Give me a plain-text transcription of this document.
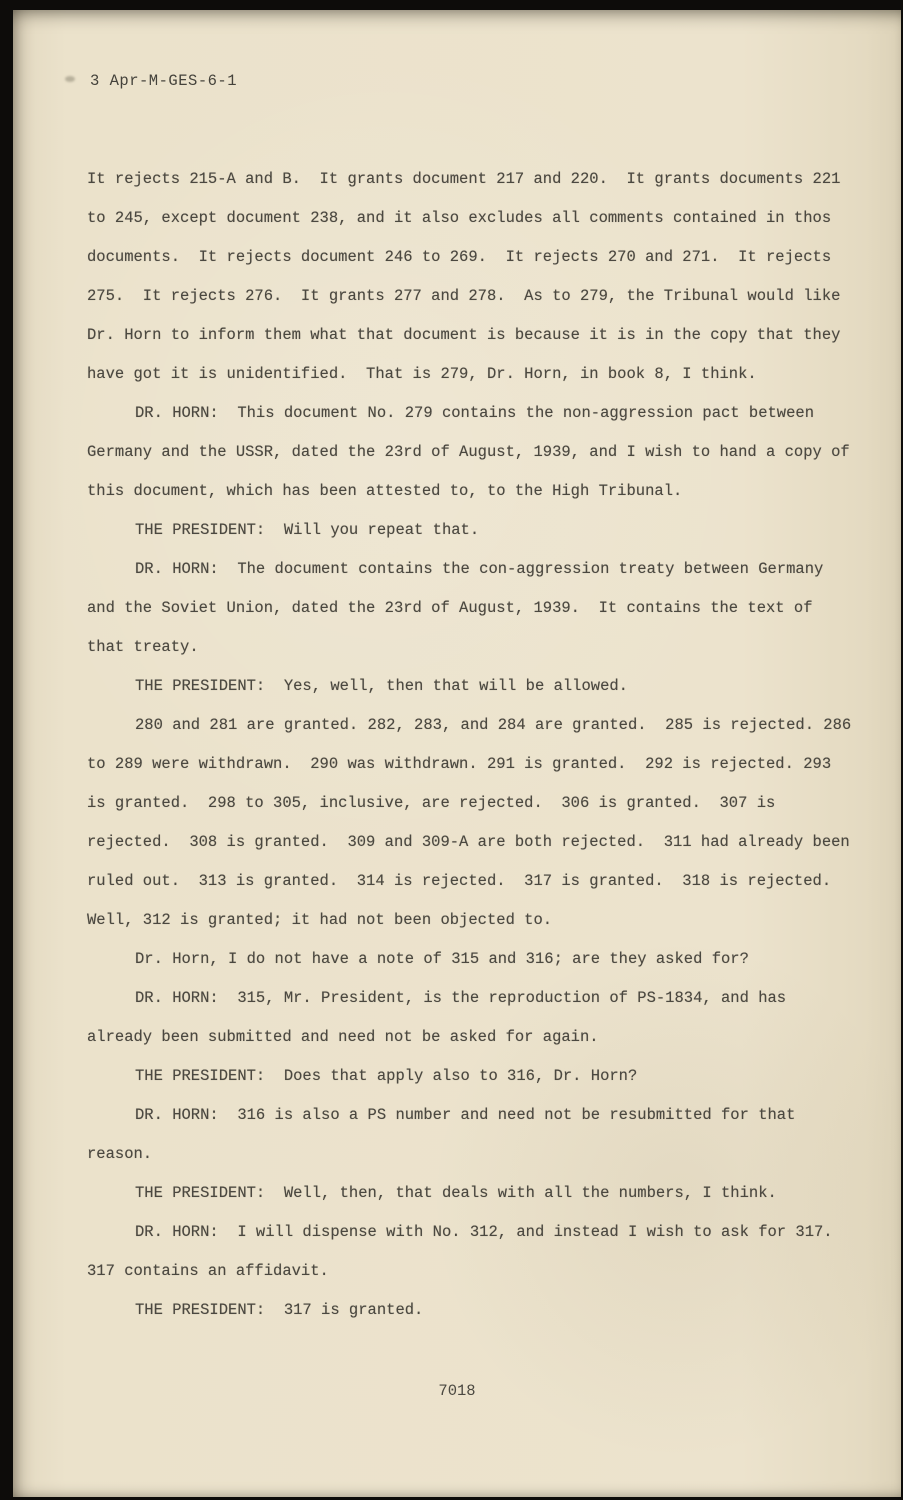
3 Apr-M-GES-6-1

It rejects 215-A and B.  It grants document 217 and 220.  It grants documents 221 to 245, except document 238, and it also excludes all comments contained in thos documents.  It rejects document 246 to 269.  It rejects 270 and 271.  It rejects 275.  It rejects 276.  It grants 277 and 278.  As to 279, the Tribunal would like Dr. Horn to inform them what that document is because it is in the copy that they have got it is unidentified.  That is 279, Dr. Horn, in book 8, I think.

DR. HORN:  This document No. 279 contains the non-aggression pact between Germany and the USSR, dated the 23rd of August, 1939, and I wish to hand a copy of this document, which has been attested to, to the High Tribunal.

THE PRESIDENT:  Will you repeat that.

DR. HORN:  The document contains the con-aggression treaty between Germany and the Soviet Union, dated the 23rd of August, 1939.  It contains the text of that treaty.

THE PRESIDENT:  Yes, well, then that will be allowed.

280 and 281 are granted. 282, 283, and 284 are granted.  285 is rejected. 286 to 289 were withdrawn.  290 was withdrawn. 291 is granted.  292 is rejected. 293 is granted.  298 to 305, inclusive, are rejected.  306 is granted.  307 is rejected.  308 is granted.  309 and 309-A are both rejected.  311 had already been ruled out.  313 is granted.  314 is rejected.  317 is granted.  318 is rejected.  Well, 312 is granted; it had not been objected to.

Dr. Horn, I do not have a note of 315 and 316; are they asked for?

DR. HORN:  315, Mr. President, is the reproduction of PS-1834, and has already been submitted and need not be asked for again.

THE PRESIDENT:  Does that apply also to 316, Dr. Horn?

DR. HORN:  316 is also a PS number and need not be resubmitted for that reason.

THE PRESIDENT:  Well, then, that deals with all the numbers, I think.

DR. HORN:  I will dispense with No. 312, and instead I wish to ask for 317.  317 contains an affidavit.

THE PRESIDENT:  317 is granted.

7018
